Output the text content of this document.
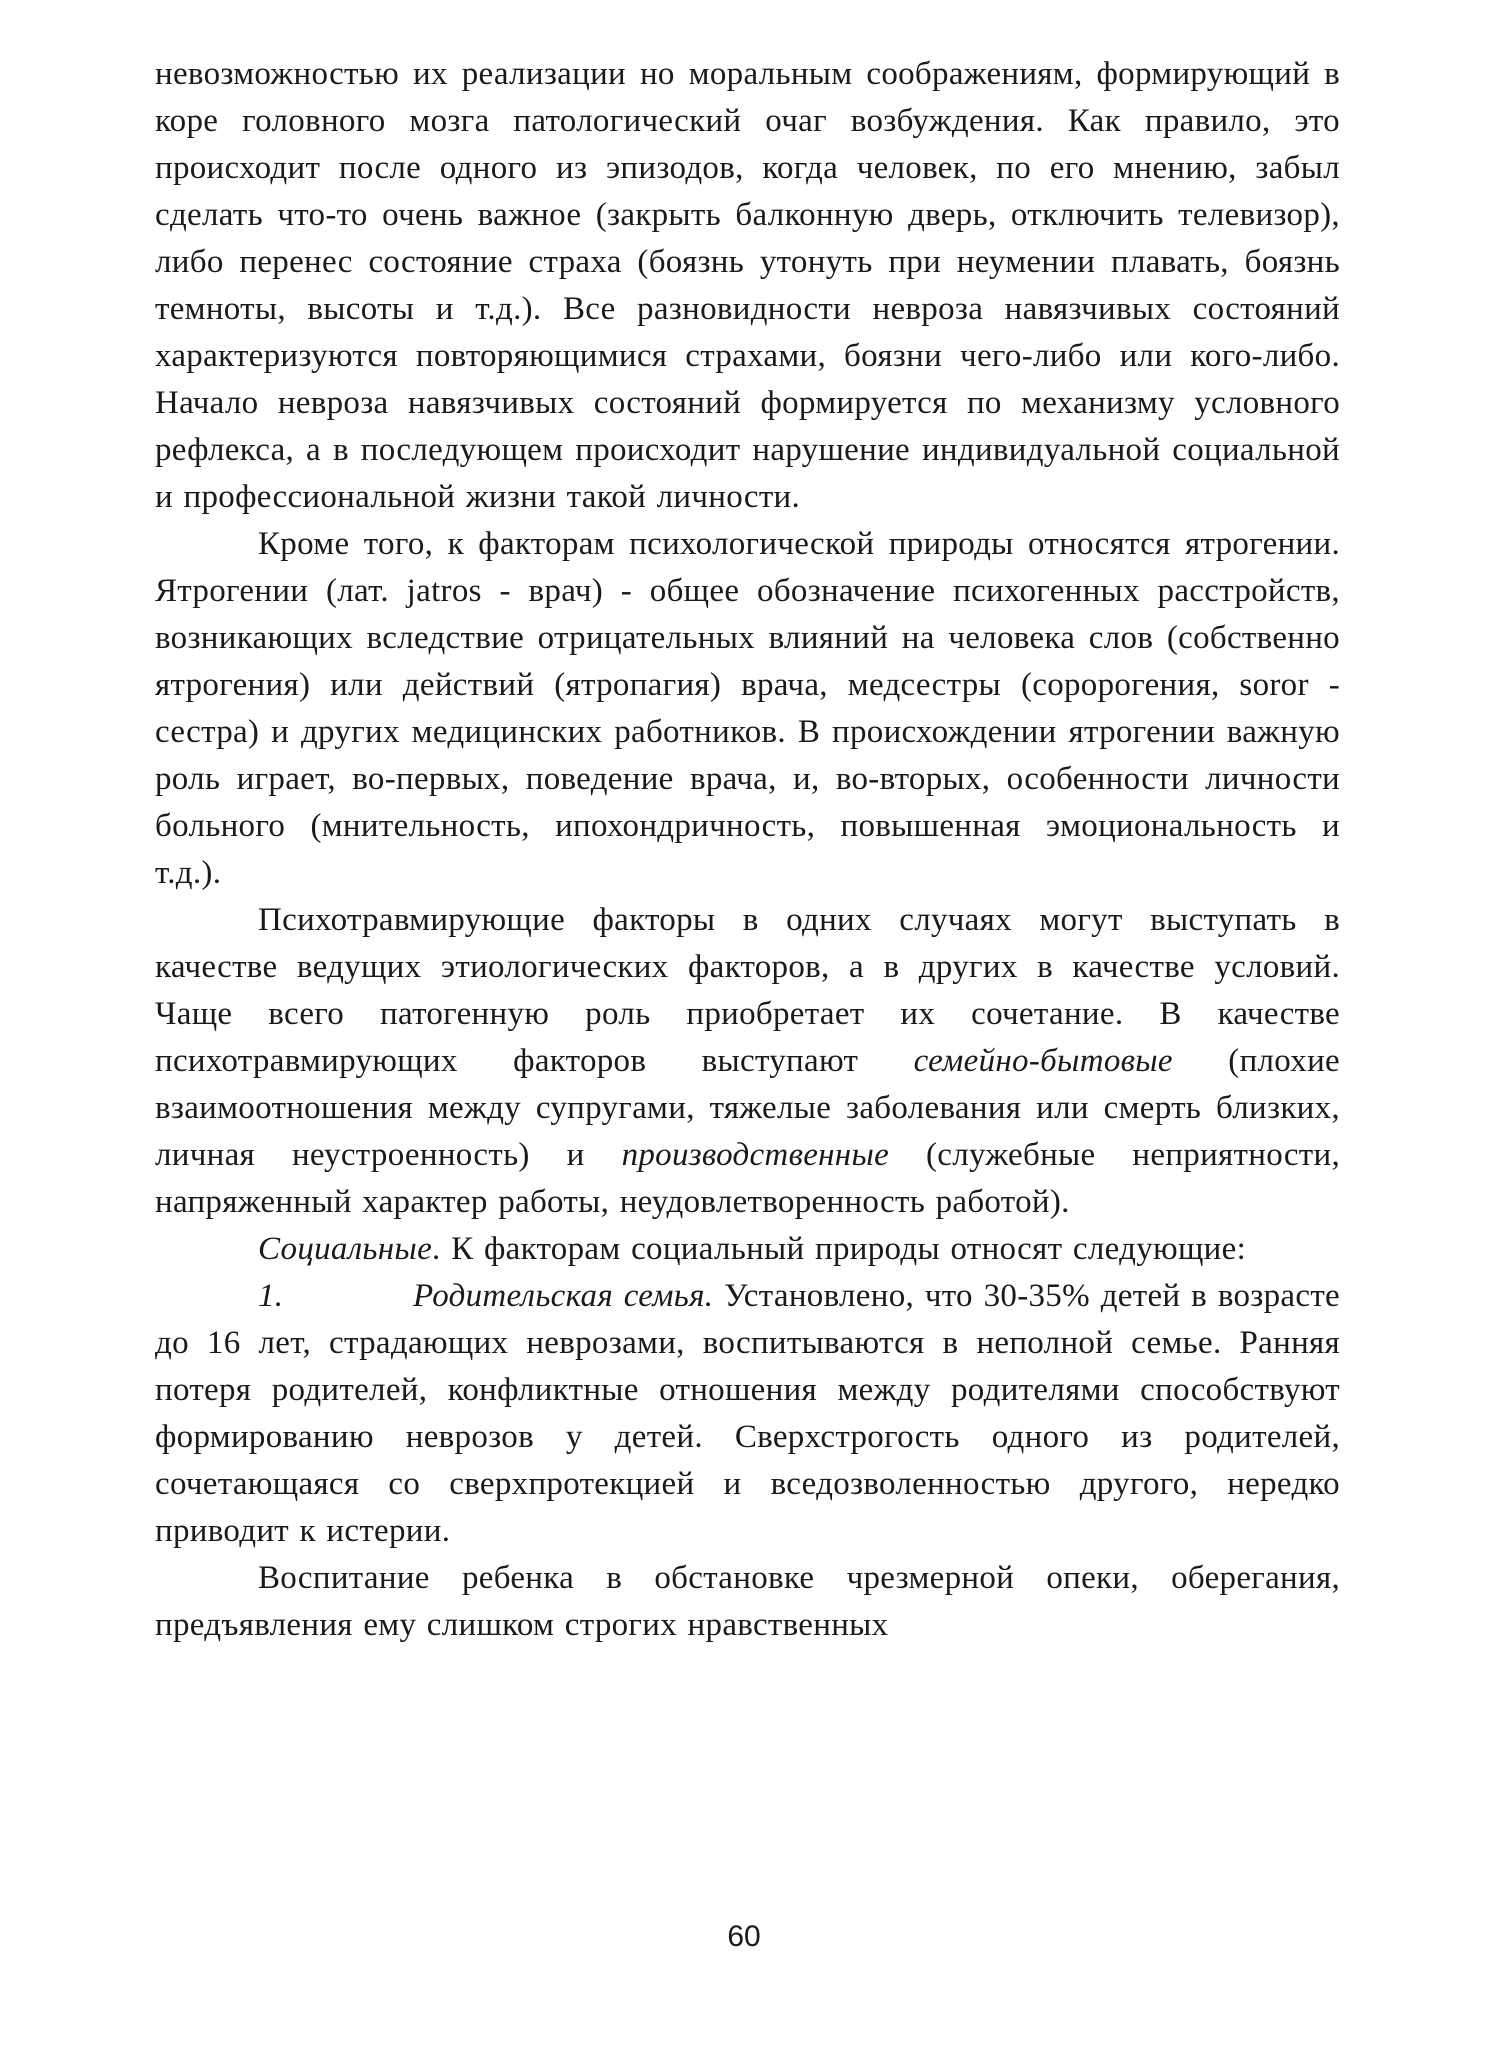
невозможностью их реализации но моральным соображениям, формирующий в коре головного мозга патологический очаг возбуждения. Как правило, это происходит после одного из эпизодов, когда человек, по его мнению, забыл сделать что-то очень важное (закрыть балконную дверь, отключить телевизор), либо перенес состояние страха (боязнь утонуть при неумении плавать, боязнь темноты, высоты и т.д.). Все разновидности невроза навязчивых состояний характеризуются повторяющимися страхами, боязни чего-либо или кого-либо. Начало невроза навязчивых состояний формируется по механизму условного рефлекса, а в последующем происходит нарушение индивидуальной социальной и профессиональной жизни такой личности.

Кроме того, к факторам психологической природы относятся ятрогении. Ятрогении (лат. jatros - врач) - общее обозначение психогенных расстройств, возникающих вследствие отрицательных влияний на человека слов (собственно ятрогения) или действий (ятропагия) врача, медсестры (соророгения, soror - сестра) и других медицинских работников. В происхождении ятрогении важную роль играет, во-первых, поведение врача, и, во-вторых, особенности личности больного (мнительность, ипохондричность, повышенная эмоциональность и т.д.).

Психотравмирующие факторы в одних случаях могут выступать в качестве ведущих этиологических факторов, а в других в качестве условий. Чаще всего патогенную роль приобретает их сочетание. В качестве психотравмирующих факторов выступают семейно-бытовые (плохие взаимоотношения между супругами, тяжелые заболевания или смерть близких, личная неустроенность) и производственные (служебные неприятности, напряженный характер работы, неудовлетворенность работой).

Социальные. К факторам социальный природы относят следующие:

1.	Родительская семья. Установлено, что 30-35% детей в возрасте до 16 лет, страдающих неврозами, воспитываются в неполной семье. Ранняя потеря родителей, конфликтные отношения между родителями способствуют формированию неврозов у детей. Сверхстрогость одного из родителей, сочетающаяся со сверхпротекцией и вседозволенностью другого, нередко приводит к истерии.

Воспитание ребенка в обстановке чрезмерной опеки, оберегания, предъявления ему слишком строгих нравственных

60
